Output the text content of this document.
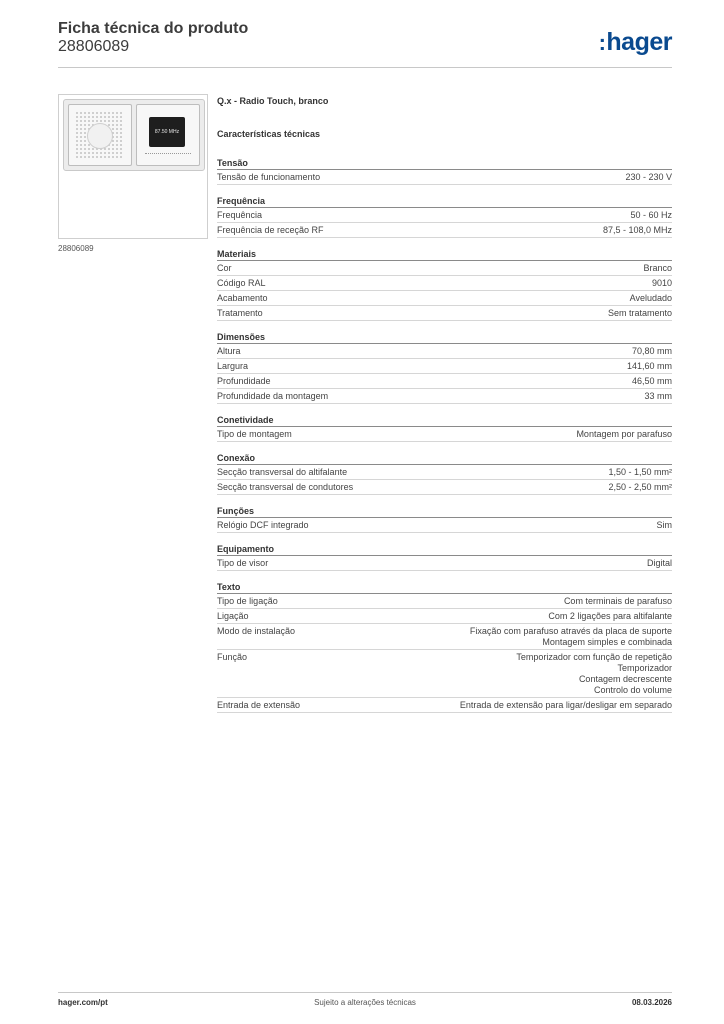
Ficha técnica do produto
28806089	:hager
87.50 MHz
28806089
Q.x - Radio Touch, branco
Características técnicas
Tensão
Tensão de funcionamento	230 - 230 V
Frequência
Frequência	50 - 60 Hz
Frequência de receção RF	87,5 - 108,0 MHz
Materiais
Cor	Branco
Código RAL	9010
Acabamento	Aveludado
Tratamento	Sem tratamento
Dimensões
Altura	70,80 mm
Largura	141,60 mm
Profundidade	46,50 mm
Profundidade da montagem	33 mm
Conetividade
Tipo de montagem	Montagem por parafuso
Conexão
Secção transversal do altifalante	1,50 - 1,50 mm²
Secção transversal de condutores	2,50 - 2,50 mm²
Funções
Relógio DCF integrado	Sim
Equipamento
Tipo de visor	Digital
Texto
Tipo de ligação	Com terminais de parafuso
Ligação	Com 2 ligações para altifalante
Modo de instalação	Fixação com parafuso através da placa de suporte
Montagem simples e combinada
Função	Temporizador com função de repetição
Temporizador
Contagem decrescente
Controlo do volume
Entrada de extensão	Entrada de extensão para ligar/desligar em separado
hager.com/pt	Sujeito a alterações técnicas	08.03.2026
